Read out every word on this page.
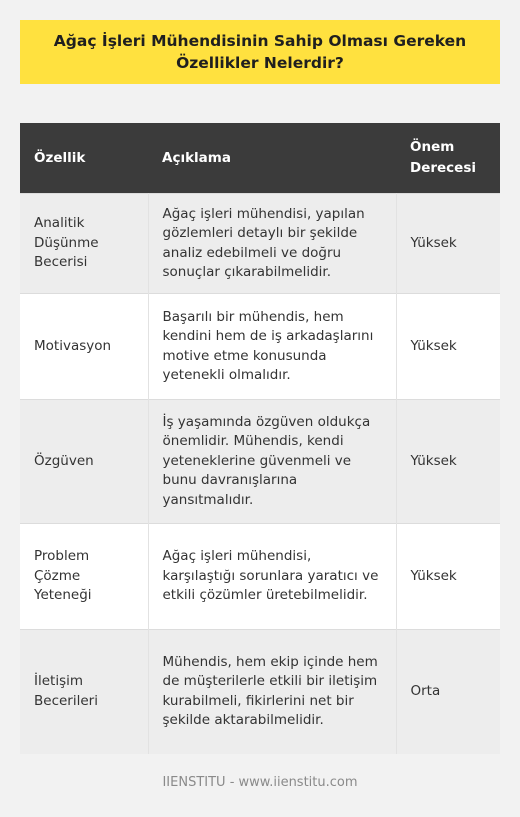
Ağaç İşleri Mühendisinin Sahip Olması Gereken Özellikler Nelerdir?
Özellik	Açıklama	Önem Derecesi
Analitik Düşünme Becerisi	Ağaç işleri mühendisi, yapılan gözlemleri detaylı bir şekilde analiz edebilmeli ve doğru sonuçlar çıkarabilmelidir.	Yüksek
Motivasyon	Başarılı bir mühendis, hem kendini hem de iş arkadaşlarını motive etme konusunda yetenekli olmalıdır.	Yüksek
Özgüven	İş yaşamında özgüven oldukça önemlidir. Mühendis, kendi yeteneklerine güvenmeli ve bunu davranışlarına yansıtmalıdır.	Yüksek
Problem Çözme Yeteneği	Ağaç işleri mühendisi, karşılaştığı sorunlara yaratıcı ve etkili çözümler üretebilmelidir.	Yüksek
İletişim Becerileri	Mühendis, hem ekip içinde hem de müşterilerle etkili bir iletişim kurabilmeli, fikirlerini net bir şekilde aktarabilmelidir.	Orta
IIENSTITU - www.iienstitu.com
